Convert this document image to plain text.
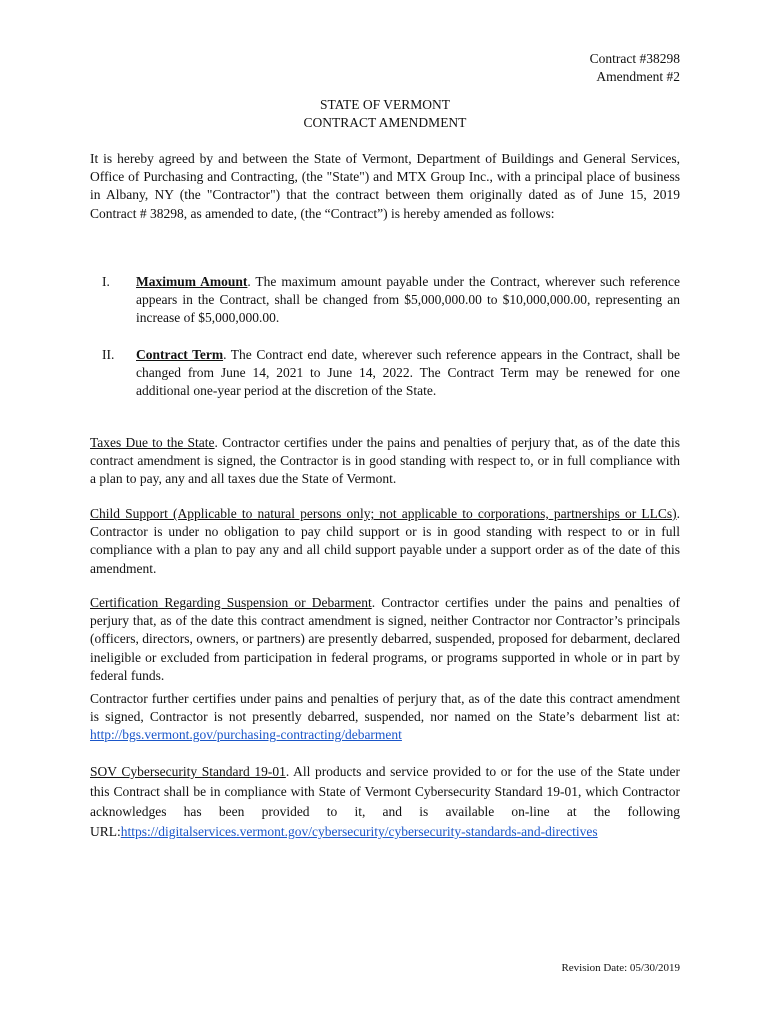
Contract #38298
Amendment #2
STATE OF VERMONT
CONTRACT AMENDMENT

It is hereby agreed by and between the State of Vermont, Department of Buildings and General Services, Office of Purchasing and Contracting, (the "State") and MTX Group Inc., with a principal place of business in Albany, NY (the "Contractor") that the contract between them originally dated as of June 15, 2019 Contract # 38298, as amended to date, (the “Contract”) is hereby amended as follows:

I. Maximum Amount. The maximum amount payable under the Contract, wherever such reference appears in the Contract, shall be changed from $5,000,000.00 to $10,000,000.00, representing an increase of $5,000,000.00.
II. Contract Term. The Contract end date, wherever such reference appears in the Contract, shall be changed from June 14, 2021 to June 14, 2022. The Contract Term may be renewed for one additional one-year period at the discretion of the State.

Taxes Due to the State. Contractor certifies under the pains and penalties of perjury that, as of the date this contract amendment is signed, the Contractor is in good standing with respect to, or in full compliance with a plan to pay, any and all taxes due the State of Vermont.

Child Support (Applicable to natural persons only; not applicable to corporations, partnerships or LLCs). Contractor is under no obligation to pay child support or is in good standing with respect to or in full compliance with a plan to pay any and all child support payable under a support order as of the date of this amendment.

Certification Regarding Suspension or Debarment. Contractor certifies under the pains and penalties of perjury that, as of the date this contract amendment is signed, neither Contractor nor Contractor’s principals (officers, directors, owners, or partners) are presently debarred, suspended, proposed for debarment, declared ineligible or excluded from participation in federal programs, or programs supported in whole or in part by federal funds.

Contractor further certifies under pains and penalties of perjury that, as of the date this contract amendment is signed, Contractor is not presently debarred, suspended, nor named on the State’s debarment list at: http://bgs.vermont.gov/purchasing-contracting/debarment

SOV Cybersecurity Standard 19-01. All products and service provided to or for the use of the State under this Contract shall be in compliance with State of Vermont Cybersecurity Standard 19-01, which Contractor acknowledges has been provided to it, and is available on-line at the following URL:https://digitalservices.vermont.gov/cybersecurity/cybersecurity-standards-and-directives

Revision Date: 05/30/2019
